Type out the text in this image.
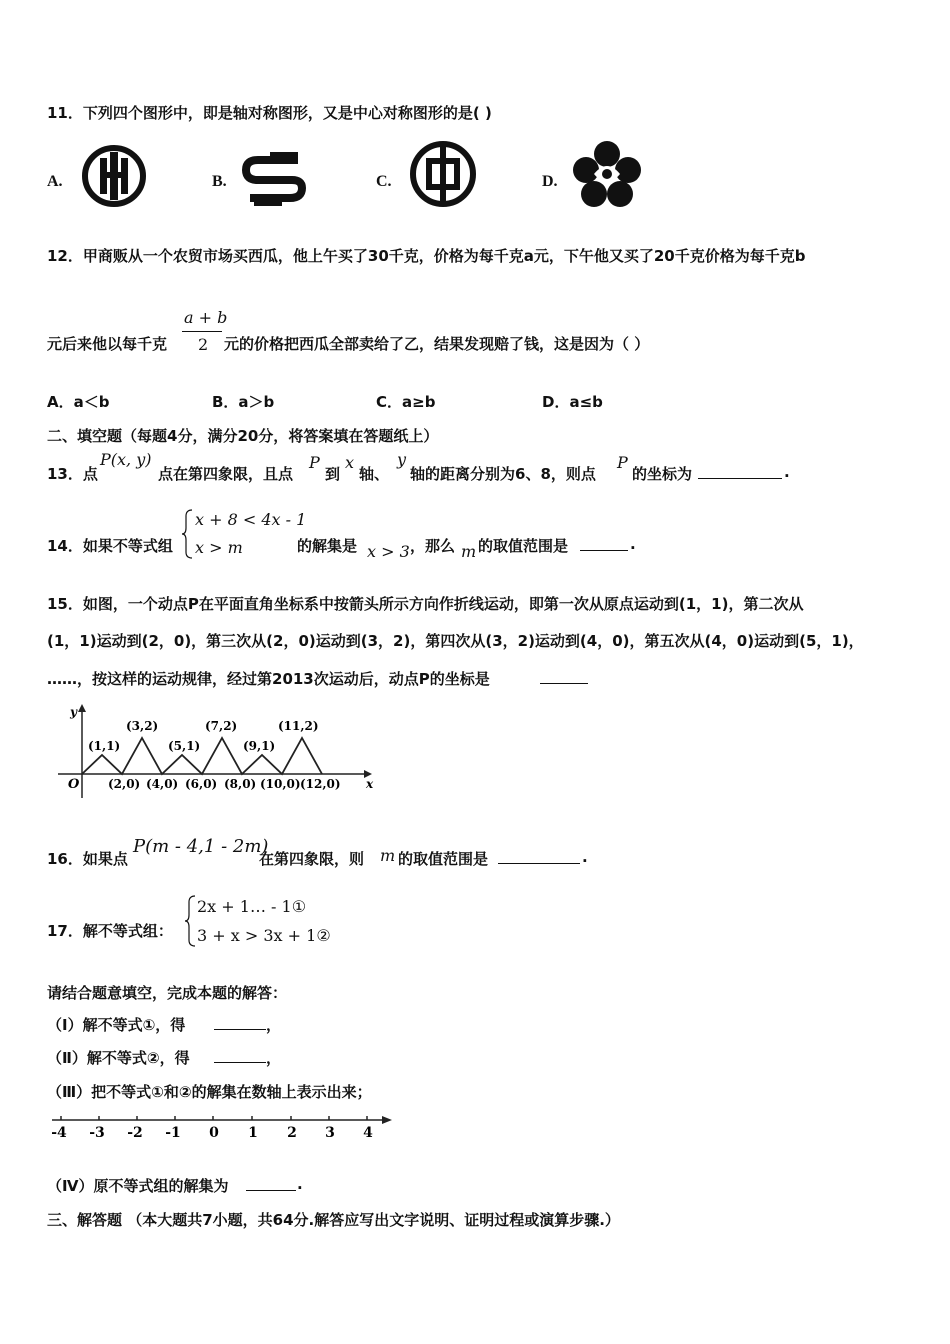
11．下列四个图形中，即是轴对称图形，又是中心对称图形的是( )
A.	B.	C.	D.
12．甲商贩从一个农贸市场买西瓜，他上午买了30千克，价格为每千克a元，下午他又买了20千克价格为每千克b
元后来他以每千克
a + b
2 元的价格把西瓜全部卖给了乙，结果发现赔了钱，这是因为（ ）
A．a＜b	B．a＞b	C．a≥b	D．a≤b
二、填空题（每题4分，满分20分，将答案填在答题纸上）
13．点
P(x, y)
点在第四象限，且点
P
到
x
轴、
y
轴的距离分别为6、8，则点
P
的坐标为	.
14．如果不等式组
x + 8 < 4x - 1
x > m	的解集是 x > 3 ，那么 m 的取值范围是	.
15．如图，一个动点P在平面直角坐标系中按箭头所示方向作折线运动，即第一次从原点运动到(1，1)，第二次从
(1，1)运动到(2，0)，第三次从(2，0)运动到(3，2)，第四次从(3，2)运动到(4，0)，第五次从(4，0)运动到(5，1)，
……，按这样的运动规律，经过第2013次运动后，动点P的坐标是
y
x
O
(1,1)
(3,2)
(5,1)
(7,2)
(9,1)
(11,2)
(2,0) (4,0) (6,0) (8,0) (10,0) (12,0)
16．如果点
P(m - 4,1 - 2m)
在第四象限，则 m 的取值范围是	.
17．解不等式组：
2x + 1… - 1①
3 + x > 3x + 1②
请结合题意填空，完成本题的解答：
（Ⅰ）解不等式①，得	，
（Ⅱ）解不等式②，得	，
（Ⅲ）把不等式①和②的解集在数轴上表示出来；
-4 -3 -2 -1 0 1 2 3 4
（Ⅳ）原不等式组的解集为	.
三、解答题 （本大题共7小题，共64分.解答应写出文字说明、证明过程或演算步骤.）
